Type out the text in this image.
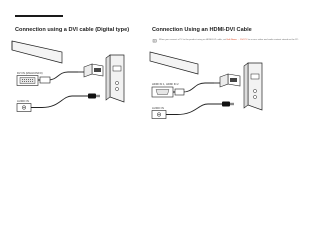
Connection using a DVI cable (Digital type)
DVI IN (MAGICINFO)
AUDIO IN
Connection Using an HDMI-DVI Cable
When you connect a PC to the product using an HDMI-DVI cable, set Edit Name → DVI PC to access video and audio content stored on the PC.
HDMI IN 1, HDMI IN 2
AUDIO IN
